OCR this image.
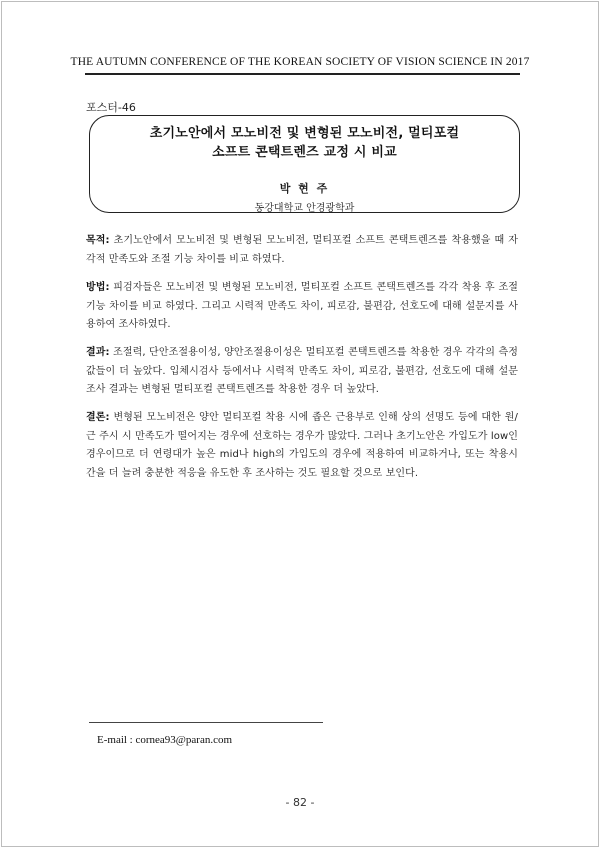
THE AUTUMN CONFERENCE OF THE KOREAN SOCIETY OF VISION SCIENCE IN 2017
포스터-46
초기노안에서 모노비전 및 변형된 모노비전, 멀티포컬
소프트 콘택트렌즈 교정 시 비교
박 현 주
동강대학교 안경광학과
목적: 초기노안에서 모노비전 및 변형된 모노비전, 멀티포컬 소프트 콘택트렌즈를 착용했을 때 자각적 만족도와 조절 기능 차이를 비교 하였다.
방법: 피검자들은 모노비전 및 변형된 모노비전, 멀티포컬 소프트 콘택트렌즈를 각각 착용 후 조절 기능 차이를 비교 하였다. 그리고 시력적 만족도 차이, 피로감, 불편감, 선호도에 대해 설문지를 사용하여 조사하였다.
결과: 조절력, 단안조절용이성, 양안조절용이성은 멀티포컬 콘택트렌즈를 착용한 경우 각각의 측정값들이 더 높았다. 입체시검사 등에서나 시력적 만족도 차이, 피로감, 불편감, 선호도에 대해 설문 조사 결과는 변형된 멀티포컬 콘택트렌즈를 착용한 경우 더 높았다.
결론: 변형된 모노비전은 양안 멀티포컬 착용 시에 좁은 근용부로 인해 상의 선명도 등에 대한 원/근 주시 시 만족도가 떨어지는 경우에 선호하는 경우가 많았다. 그러나 초기노안은 가입도가 low인 경우이므로 더 연령대가 높은 mid나 high의 가입도의 경우에 적용하여 비교하거나, 또는 착용시간을 더 늘려 충분한 적응을 유도한 후 조사하는 것도 필요할 것으로 보인다.
E-mail : cornea93@paran.com
- 82 -
